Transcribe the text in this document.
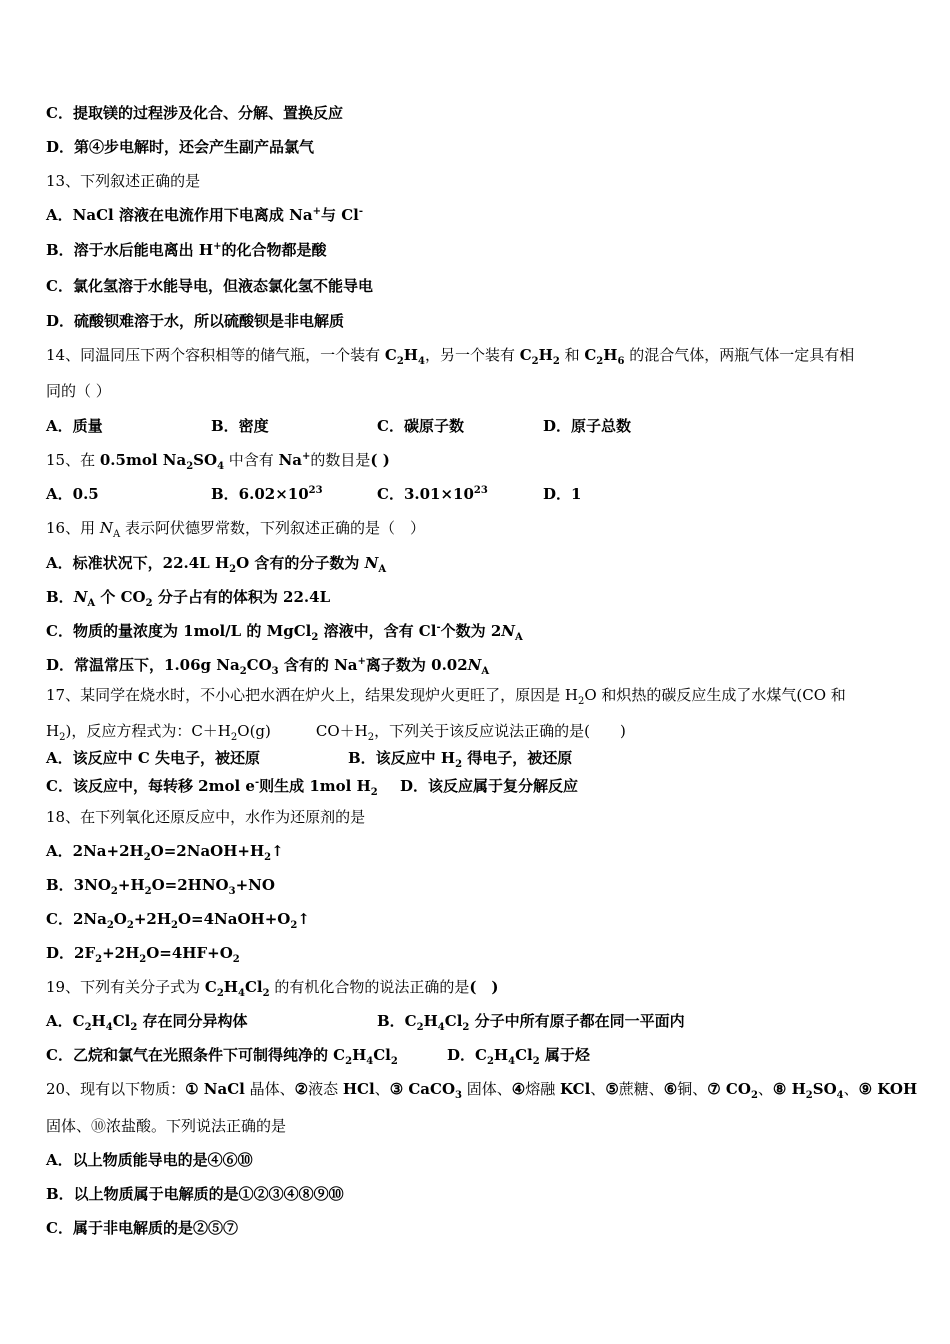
C．提取镁的过程涉及化合、分解、置换反应
D．第④步电解时，还会产生副产品氯气
13、下列叙述正确的是
A．NaCl 溶液在电流作用下电离成 Na+与 Cl-
B．溶于水后能电离出 H+的化合物都是酸
C．氯化氢溶于水能导电，但液态氯化氢不能导电
D．硫酸钡难溶于水，所以硫酸钡是非电解质
14、同温同压下两个容积相等的储气瓶，一个装有 $C_2H_4$，另一个装有 $C_2H_2$ 和 $C_2H_6$ 的混合气体，两瓶气体一定具有相
同的（ ）
A．质量	B．密度	C．碳原子数	D．原子总数
15、在 0.5mol $Na_2SO_4$ 中含有 Na+的数目是( )
A．0.5	B．$6.02\times 10^{23}$	C．$3.01\times 10^{23}$	D．1
16、用 $N_A$ 表示阿伏德罗常数，下列叙述正确的是（　）
A．标准状况下，22.4L $H_2O$ 含有的分子数为 $N_A$
B．$N_A$ 个 $CO_2$ 分子占有的体积为 22.4L
C．物质的量浓度为 1mol/L 的 MgCl$_2$ 溶液中，含有 Cl-个数为 $2N_A$
D．常温常压下，1.06g $Na_2CO_3$ 含有的 Na+离子数为 $0.02N_A$
17、某同学在烧水时，不小心把水洒在炉火上，结果发现炉火更旺了，原因是 $H_2O$ 和炽热的碳反应生成了水煤气(CO 和
$H_2$)，反应方程式为：$C+H_2O(g)$　　　$CO+H_2$，下列关于该反应说法正确的是(　　)
A．该反应中 C 失电子，被还原	B．该反应中 $H_2$ 得电子，被还原
C．该反应中，每转移 2mol e-则生成 1mol $H_2$ D．该反应属于复分解反应
18、在下列氧化还原反应中，水作为还原剂的是
A．$2Na+2H_2O=2NaOH+H_2↑$
B．$3NO_2+H_2O=2HNO_3+NO$
C．$2Na_2O_2+2H_2O=4NaOH+O_2↑$
D．$2F_2+2H_2O=4HF+O_2$
19、下列有关分子式为 $C_2H_4Cl_2$ 的有机化合物的说法正确的是(　)
A．$C_2H_4Cl_2$ 存在同分异构体	B．$C_2H_4Cl_2$ 分子中所有原子都在同一平面内
C．乙烷和氯气在光照条件下可制得纯净的 $C_2H_4Cl_2$	D．$C_2H_4Cl_2$ 属于烃
20、现有以下物质：① NaCl 晶体、②液态 HCl、③ CaCO$_3$ 固体、④熔融 KCl、⑤蔗糖、⑥铜、⑦ $CO_2$、⑧ $H_2SO_4$、⑨ KOH
固体、⑩浓盐酸。下列说法正确的是
A．以上物质能导电的是④⑥⑩
B．以上物质属于电解质的是①②③④⑧⑨⑩
C．属于非电解质的是②⑤⑦
